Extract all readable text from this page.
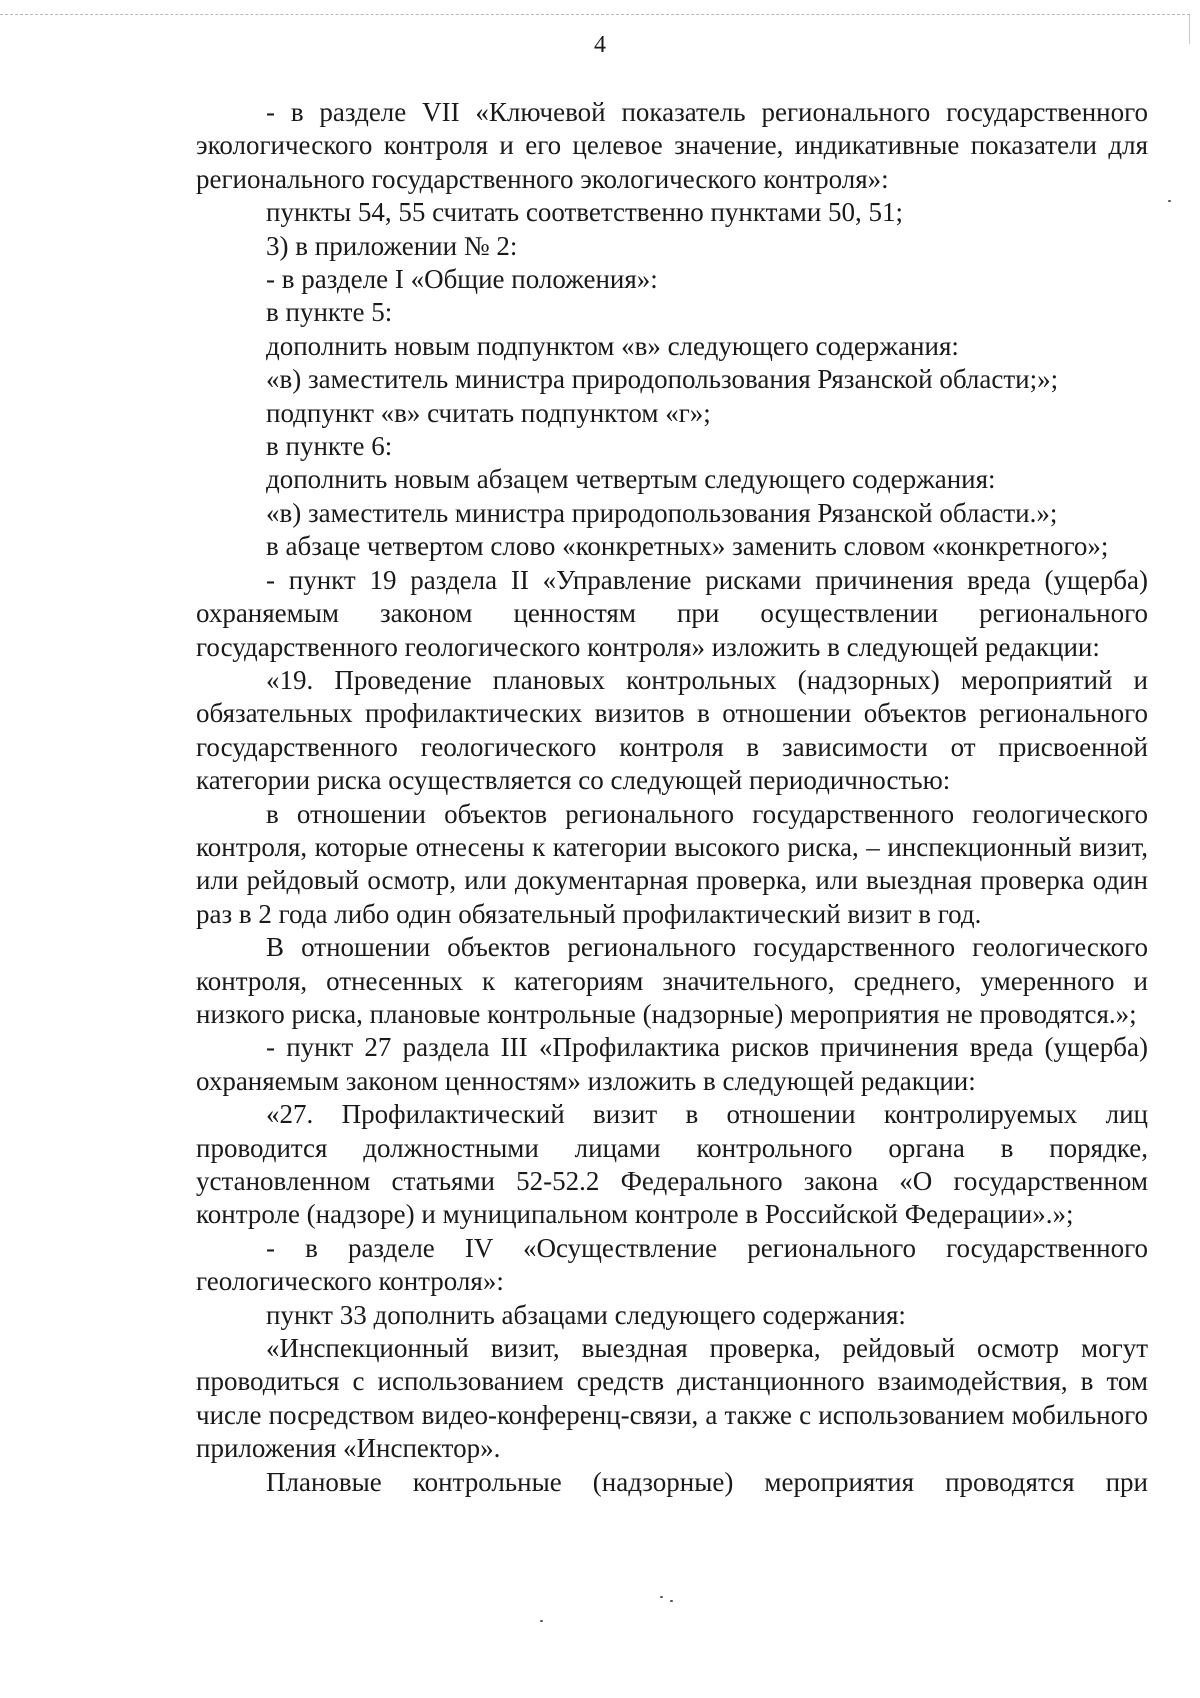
4

- в разделе VII «Ключевой показатель регионального государственного экологического контроля и его целевое значение, индикативные показатели для регионального государственного экологического контроля»:

пункты 54, 55 считать соответственно пунктами 50, 51;

3) в приложении № 2:

- в разделе I «Общие положения»:

в пункте 5:

дополнить новым подпунктом «в» следующего содержания:

«в) заместитель министра природопользования Рязанской области;»;

подпункт «в» считать подпунктом «г»;

в пункте 6:

дополнить новым абзацем четвертым следующего содержания:

«в) заместитель министра природопользования Рязанской области.»;

в абзаце четвертом слово «конкретных» заменить словом «конкретного»;

- пункт 19 раздела II «Управление рисками причинения вреда (ущерба) охраняемым законом ценностям при осуществлении регионального государственного геологического контроля» изложить в следующей редакции:

«19. Проведение плановых контрольных (надзорных) мероприятий и обязательных профилактических визитов в отношении объектов регионального государственного геологического контроля в зависимости от присвоенной категории риска осуществляется со следующей периодичностью:

в отношении объектов регионального государственного геологического контроля, которые отнесены к категории высокого риска, – инспекционный визит, или рейдовый осмотр, или документарная проверка, или выездная проверка один раз в 2 года либо один обязательный профилактический визит в год.

В отношении объектов регионального государственного геологического контроля, отнесенных к категориям значительного, среднего, умеренного и низкого риска, плановые контрольные (надзорные) мероприятия не проводятся.»;

- пункт 27 раздела III «Профилактика рисков причинения вреда (ущерба) охраняемым законом ценностям» изложить в следующей редакции:

«27. Профилактический визит в отношении контролируемых лиц проводится должностными лицами контрольного органа в порядке, установленном статьями 52-52.2 Федерального закона «О государственном контроле (надзоре) и муниципальном контроле в Российской Федерации».»;

- в разделе IV «Осуществление регионального государственного геологического контроля»:

пункт 33 дополнить абзацами следующего содержания:

«Инспекционный визит, выездная проверка, рейдовый осмотр могут проводиться с использованием средств дистанционного взаимодействия, в том числе посредством видео-конференц-связи, а также с использованием мобильного приложения «Инспектор».

Плановые контрольные (надзорные) мероприятия проводятся при
